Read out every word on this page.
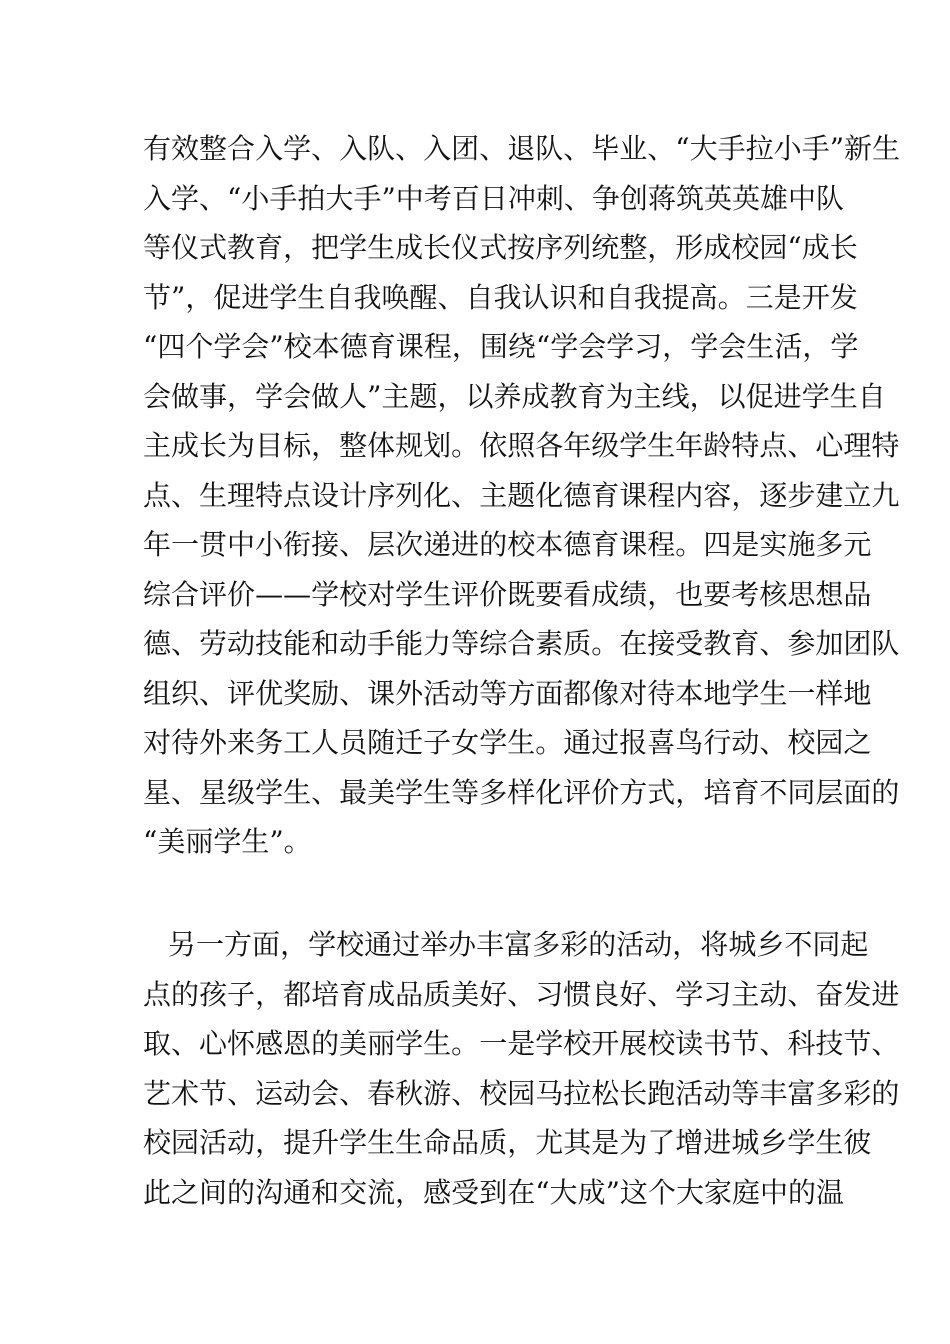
有 效 整 合 入 学 、 入 队 、 入 团 、 退 队 、 毕 业 、 “ 大 手 拉 小 手 ” 新 生
入 学 、 “ 小 手 拍 大 手 ” 中 考 百 日 冲 刺 、 争 创 蒋 筑 英 英 雄 中 队
等 仪 式 教 育 ， 把 学 生 成 长 仪 式 按 序 列 统 整 ， 形 成 校 园 “ 成 长
节 ” ， 促 进 学 生 自 我 唤 醒 、 自 我 认 识 和 自 我 提 高 。 三 是 开 发
“ 四 个 学 会 ” 校 本 德 育 课 程 ， 围 绕 “ 学 会 学 习 ， 学 会 生 活 ， 学
会 做 事 ， 学 会 做 人 ” 主 题 ， 以 养 成 教 育 为 主 线 ， 以 促 进 学 生 自
主 成 长 为 目 标 ， 整 体 规 划 。 依 照 各 年 级 学 生 年 龄 特 点 、 心 理 特
点 、 生 理 特 点 设 计 序 列 化 、 主 题 化 德 育 课 程 内 容 ， 逐 步 建 立 九
年 一 贯 中 小 衔 接 、 层 次 递 进 的 校 本 德 育 课 程 。 四 是 实 施 多 元
综 合 评 价 — — 学 校 对 学 生 评 价 既 要 看 成 绩 ， 也 要 考 核 思 想 品
德 、 劳 动 技 能 和 动 手 能 力 等 综 合 素 质 。 在 接 受 教 育 、 参 加 团 队
组 织 、 评 优 奖 励 、 课 外 活 动 等 方 面 都 像 对 待 本 地 学 生 一 样 地
对 待 外 来 务 工 人 员 随 迁 子 女 学 生 。 通 过 报 喜 鸟 行 动 、 校 园 之
星 、 星 级 学 生 、 最 美 学 生 等 多 样 化 评 价 方 式 ， 培 育 不 同 层 面 的
“美丽学生”。
另 一 方 面 ， 学 校 通 过 举 办 丰 富 多 彩 的 活 动 ， 将 城 乡 不 同 起
点 的 孩 子 ， 都 培 育 成 品 质 美 好 、 习 惯 良 好 、 学 习 主 动 、 奋 发 进
取 、 心 怀 感 恩 的 美 丽 学 生 。 一 是 学 校 开 展 校 读 书 节 、 科 技 节 、
艺 术 节 、 运 动 会 、 春 秋 游 、 校 园 马 拉 松 长 跑 活 动 等 丰 富 多 彩 的
校 园 活 动 ， 提 升 学 生 生 命 品 质 ， 尤 其 是 为 了 增 进 城 乡 学 生 彼
此 之 间 的 沟 通 和 交 流 ， 感 受 到 在 “ 大 成 ” 这 个 大 家 庭 中 的 温
